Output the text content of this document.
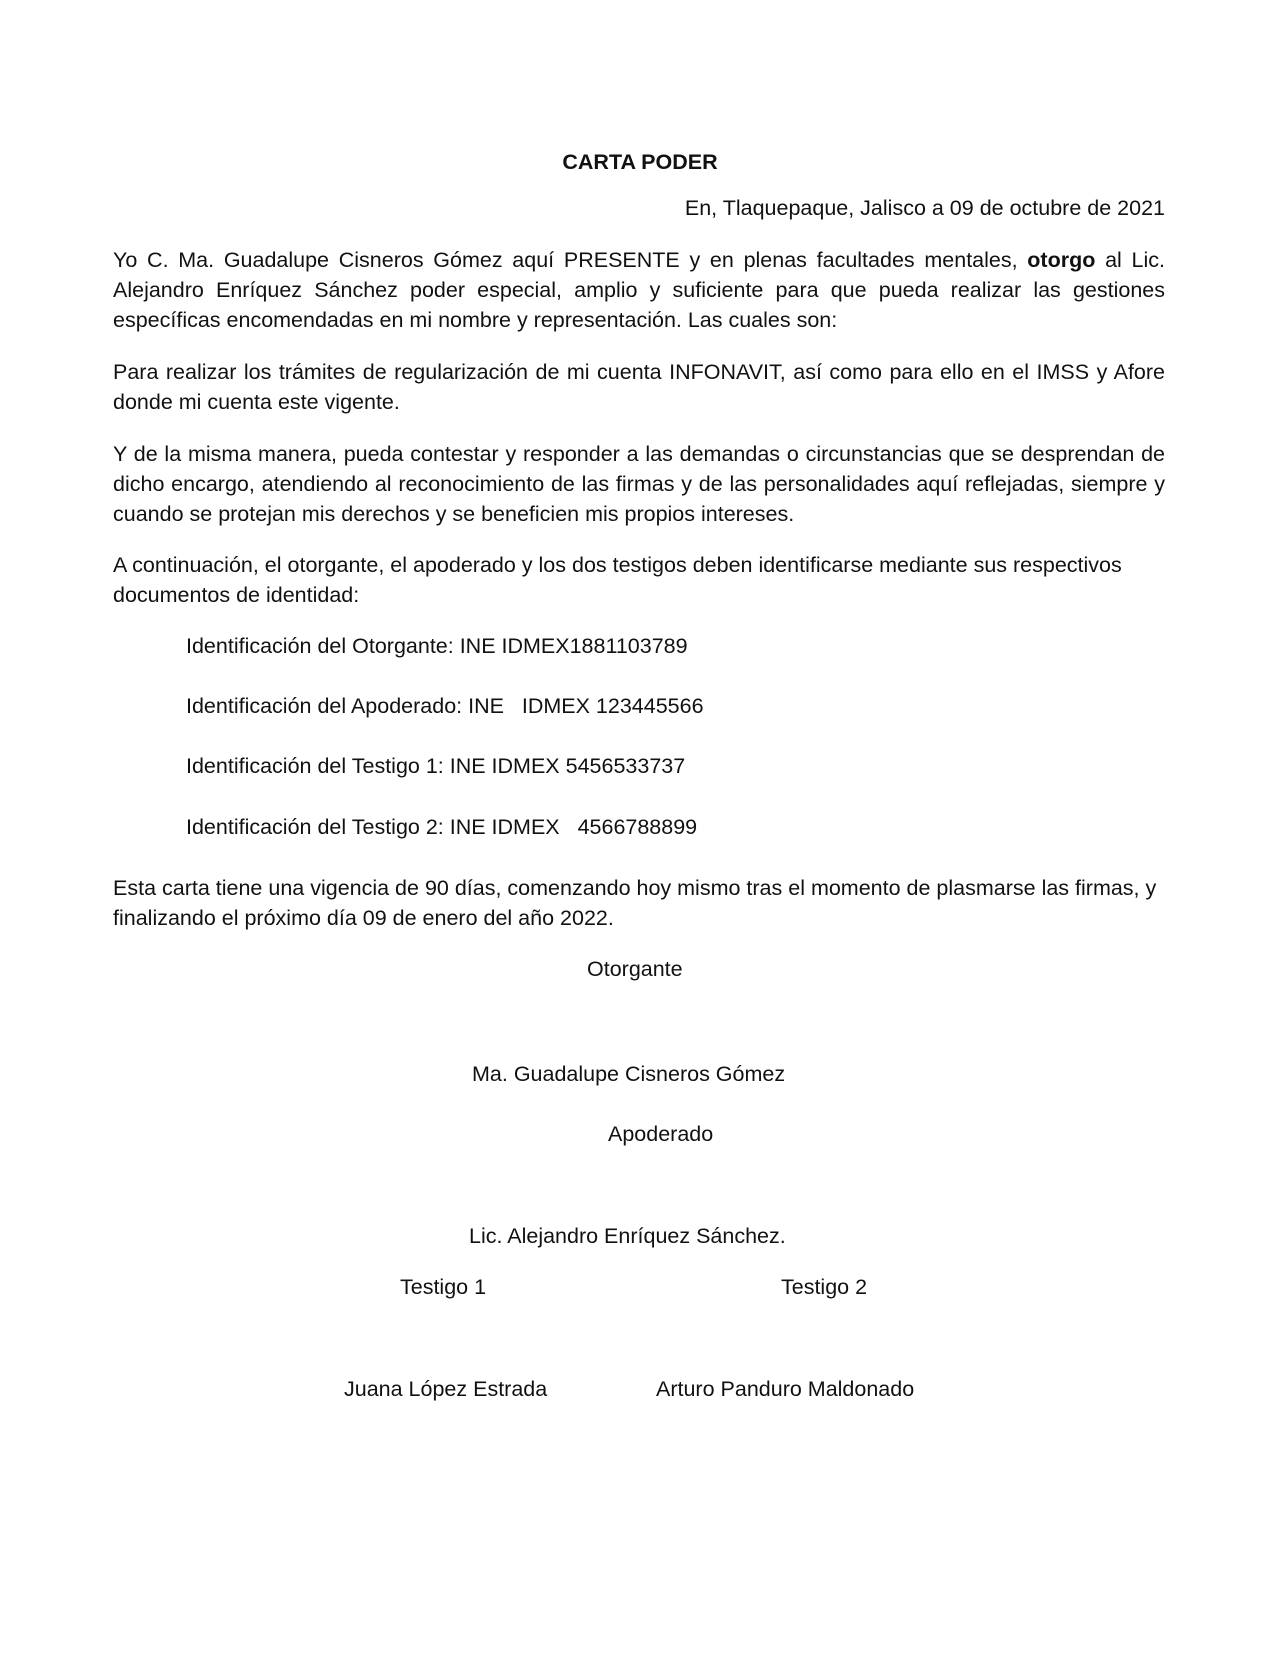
CARTA PODER
En, Tlaquepaque, Jalisco a 09 de octubre de 2021
Yo C. Ma. Guadalupe Cisneros Gómez aquí PRESENTE y en plenas facultades mentales, otorgo al Lic. Alejandro Enríquez Sánchez poder especial, amplio y suficiente para que pueda realizar las gestiones específicas encomendadas en mi nombre y representación. Las cuales son:
Para realizar los trámites de regularización de mi cuenta INFONAVIT, así como para ello en el IMSS y Afore donde mi cuenta este vigente.
Y de la misma manera, pueda contestar y responder a las demandas o circunstancias que se desprendan de dicho encargo, atendiendo al reconocimiento de las firmas y de las personalidades aquí reflejadas, siempre y cuando se protejan mis derechos y se beneficien mis propios intereses.
A continuación, el otorgante, el apoderado y los dos testigos deben identificarse mediante sus respectivos documentos de identidad:
Identificación del Otorgante: INE IDMEX1881103789
Identificación del Apoderado: INE   IDMEX 123445566
Identificación del Testigo 1: INE IDMEX 5456533737
Identificación del Testigo 2: INE IDMEX   4566788899
Esta carta tiene una vigencia de 90 días, comenzando hoy mismo tras el momento de plasmarse las firmas, y finalizando el próximo día 09 de enero del año 2022.
Otorgante
Ma. Guadalupe Cisneros Gómez
Apoderado
Lic. Alejandro Enríquez Sánchez.
Testigo 1	Testigo 2
Juana López Estrada	Arturo Panduro Maldonado
